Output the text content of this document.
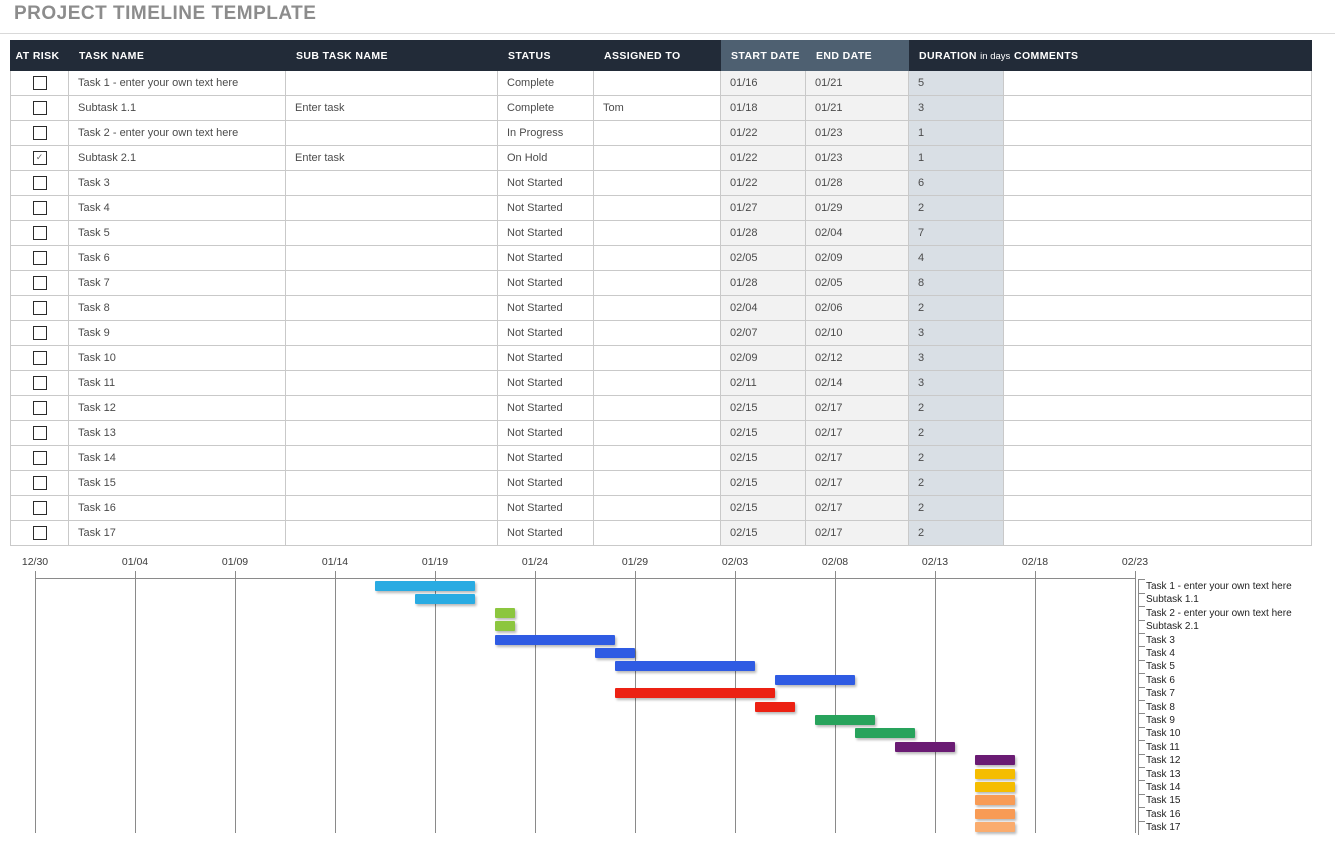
PROJECT TIMELINE TEMPLATE
AT RISK	TASK NAME	SUB TASK NAME	STATUS	ASSIGNED TO	START DATE	END DATE	DURATION in days	COMMENTS
	Task 1 - enter your own text here		Complete		01/16	01/21	5	
	Subtask 1.1	Enter task	Complete	Tom	01/18	01/21	3	
	Task 2 - enter your own text here		In Progress		01/22	01/23	1	
✓	Subtask 2.1	Enter task	On Hold		01/22	01/23	1	
	Task 3		Not Started		01/22	01/28	6	
	Task 4		Not Started		01/27	01/29	2	
	Task 5		Not Started		01/28	02/04	7	
	Task 6		Not Started		02/05	02/09	4	
	Task 7		Not Started		01/28	02/05	8	
	Task 8		Not Started		02/04	02/06	2	
	Task 9		Not Started		02/07	02/10	3	
	Task 10		Not Started		02/09	02/12	3	
	Task 11		Not Started		02/11	02/14	3	
	Task 12		Not Started		02/15	02/17	2	
	Task 13		Not Started		02/15	02/17	2	
	Task 14		Not Started		02/15	02/17	2	
	Task 15		Not Started		02/15	02/17	2	
	Task 16		Not Started		02/15	02/17	2	
	Task 17		Not Started		02/15	02/17	2	
12/30	01/04	01/09	01/14	01/19	01/24	01/29	02/03	02/08	02/13	02/18	02/23
Task 1 - enter your own text here
Subtask 1.1
Task 2 - enter your own text here
Subtask 2.1
Task 3
Task 4
Task 5
Task 6
Task 7
Task 8
Task 9
Task 10
Task 11
Task 12
Task 13
Task 14
Task 15
Task 16
Task 17
